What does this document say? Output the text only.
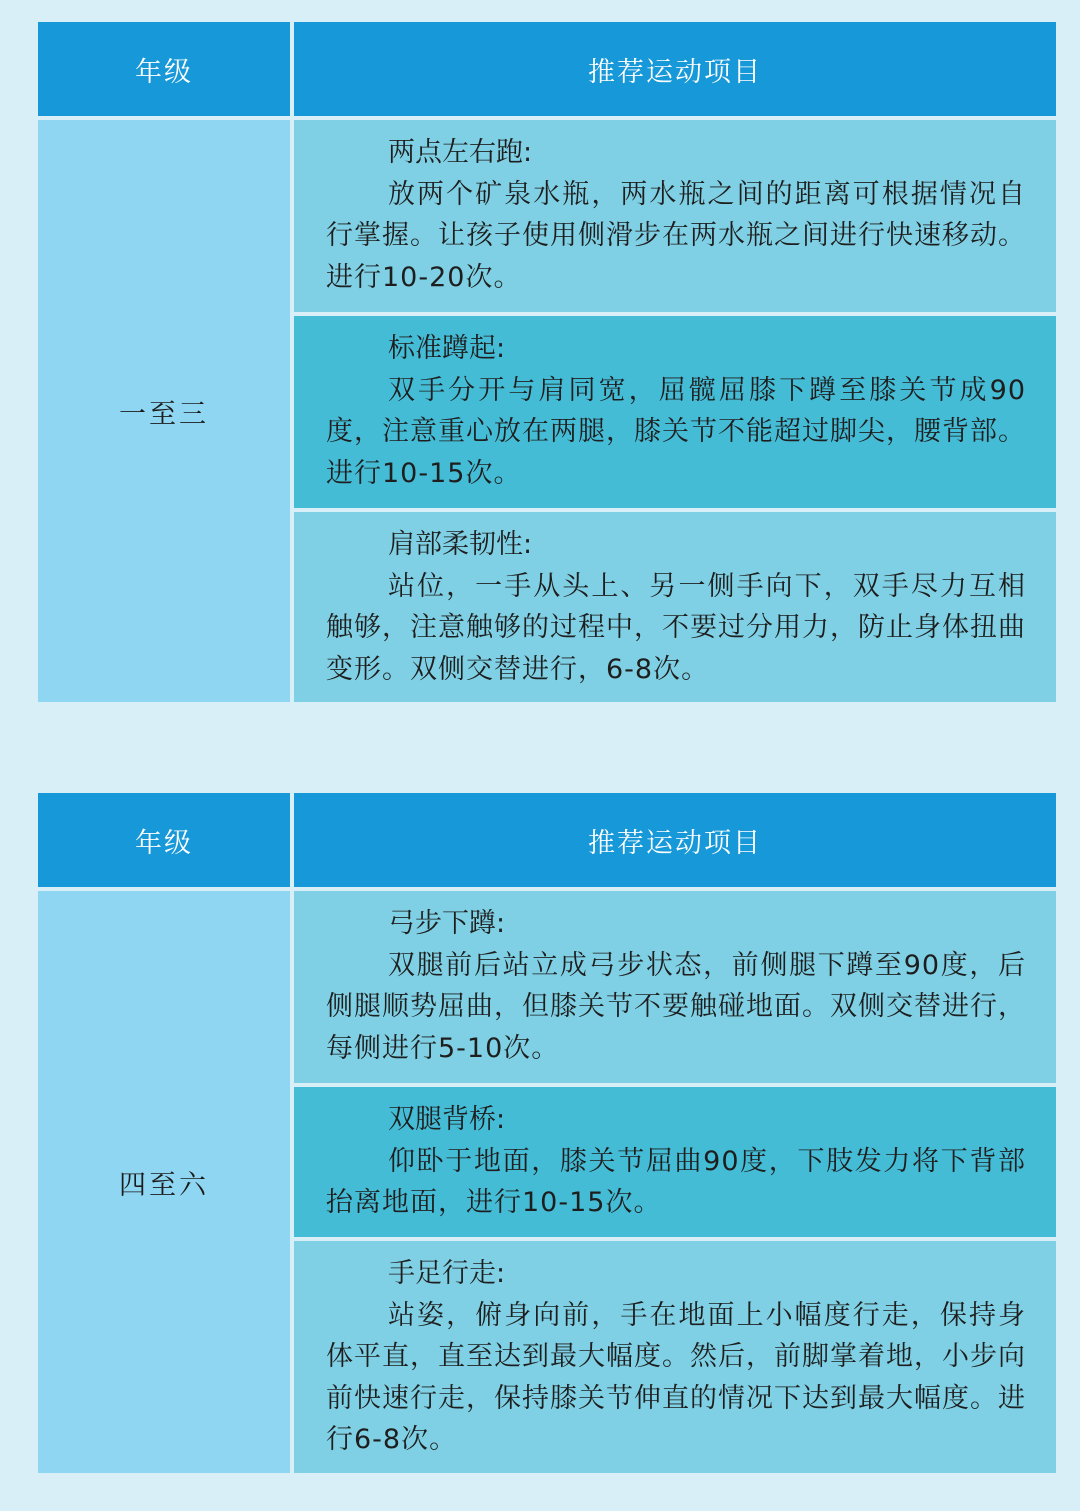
年级	推荐运动项目
一至三
两点左右跑:
放两个矿泉水瓶，两水瓶之间的距离可根据情况自行掌握。让孩子使用侧滑步在两水瓶之间进行快速移动。进行10-20次。
标准蹲起:
双手分开与肩同宽，屈髋屈膝下蹲至膝关节成90度，注意重心放在两腿，膝关节不能超过脚尖，腰背部。进行10-15次。
肩部柔韧性:
站位，一手从头上、另一侧手向下，双手尽力互相触够，注意触够的过程中，不要过分用力，防止身体扭曲变形。双侧交替进行，6-8次。
年级	推荐运动项目
四至六
弓步下蹲:
双腿前后站立成弓步状态，前侧腿下蹲至90度，后侧腿顺势屈曲，但膝关节不要触碰地面。双侧交替进行，每侧进行5-10次。
双腿背桥:
仰卧于地面，膝关节屈曲90度，下肢发力将下背部抬离地面，进行10-15次。
手足行走:
站姿，俯身向前，手在地面上小幅度行走，保持身体平直，直至达到最大幅度。然后，前脚掌着地，小步向前快速行走，保持膝关节伸直的情况下达到最大幅度。进行6-8次。
